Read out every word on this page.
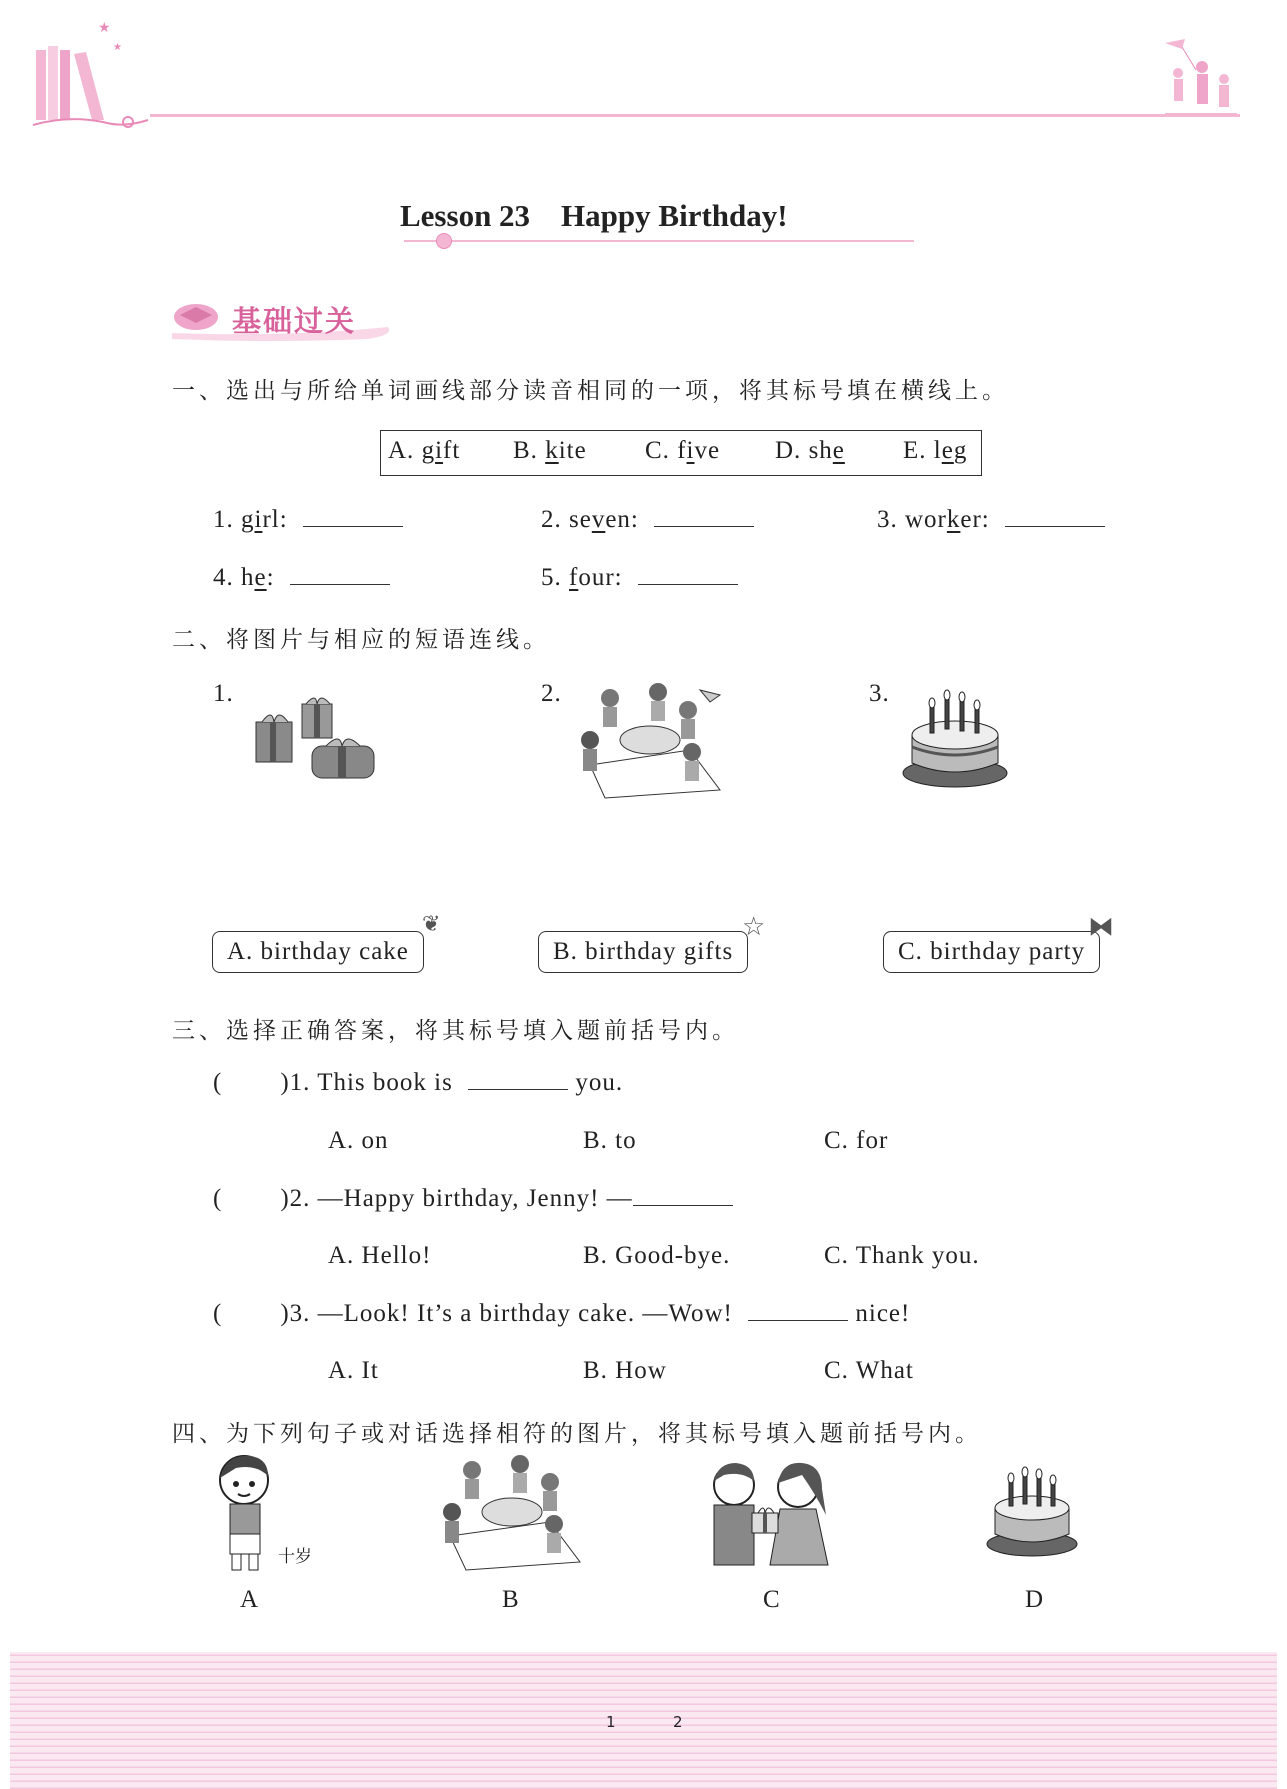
★
★
Lesson 23    Happy Birthday!
基础过关
一、选出与所给单词画线部分读音相同的一项，将其标号填在横线上。
A. gift B. kite C. five D. she E. leg
1. girl:	2. seven:	3. worker:
4. he:	5. four:
二、将图片与相应的短语连线。
1.	2.	3.
A. birthday cake
❦
B. birthday gifts
☆
C. birthday party
⧓
三、选择正确答案，将其标号填入题前括号内。
( )1. This book is	you.
A. on	B. to	C. for
( )2. —Happy birthday, Jenny! —
A. Hello!	B. Good-bye.	C. Thank you.
( )3. —Look! It’s a birthday cake. —Wow!	nice!
A. It	B. How	C. What
四、为下列句子或对话选择相符的图片，将其标号填入题前括号内。
十岁
A	B	C	D
1	2
